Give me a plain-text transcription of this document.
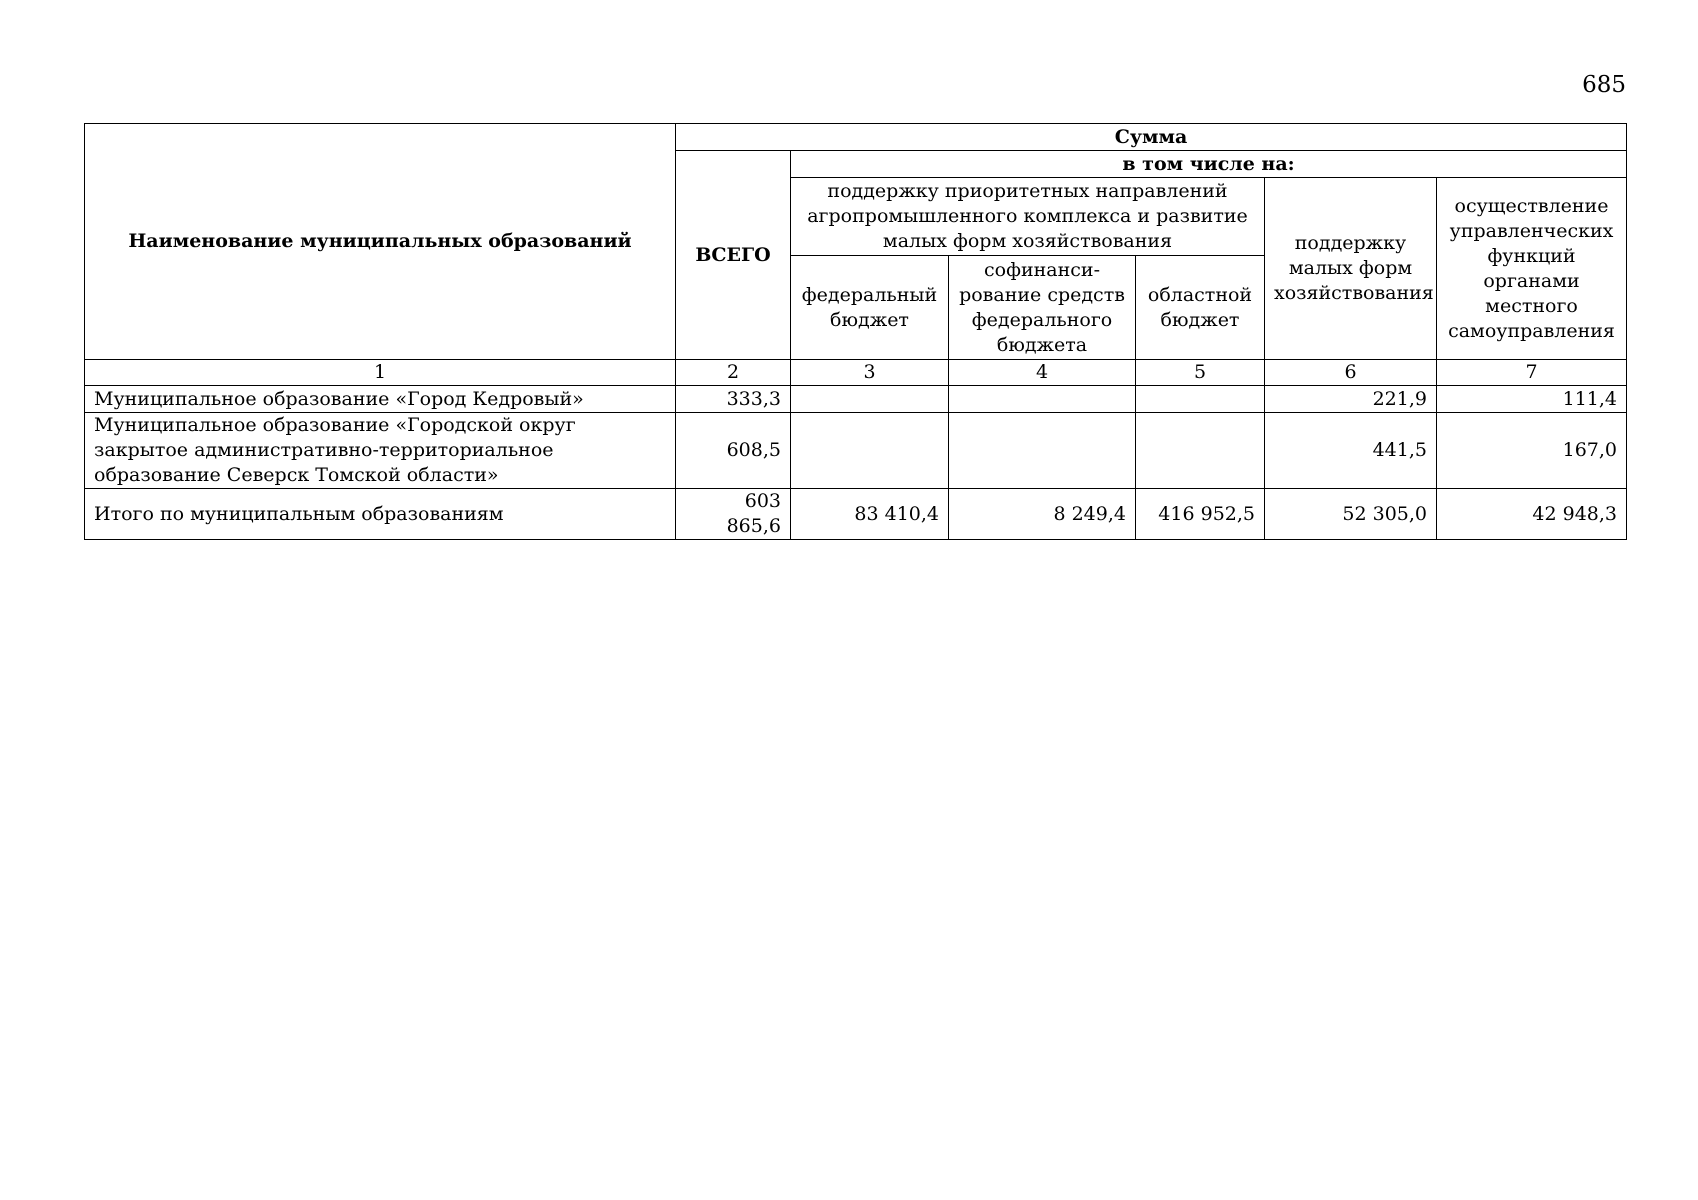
685
Наименование муниципальных образований	Сумма					
	ВСЕГО	в том числе на:				
		поддержку приоритетных направлений агропромышленного комплекса и развитие малых форм хозяйствования			поддержку малых форм хозяйствования	осуществление управленческих функций органами местного самоуправления
		федеральный бюджет	софинанси-рование средств федерального бюджета	областной бюджет		
1	2	3	4	5	6	7
Муниципальное образование «Город Кедровый»	333,3				221,9	111,4
Муниципальное образование «Городской округ закрытое административно-территориальное образование Северск Томской области»	608,5				441,5	167,0
Итого по муниципальным образованиям	603 865,6	83 410,4	8 249,4	416 952,5	52 305,0	42 948,3
